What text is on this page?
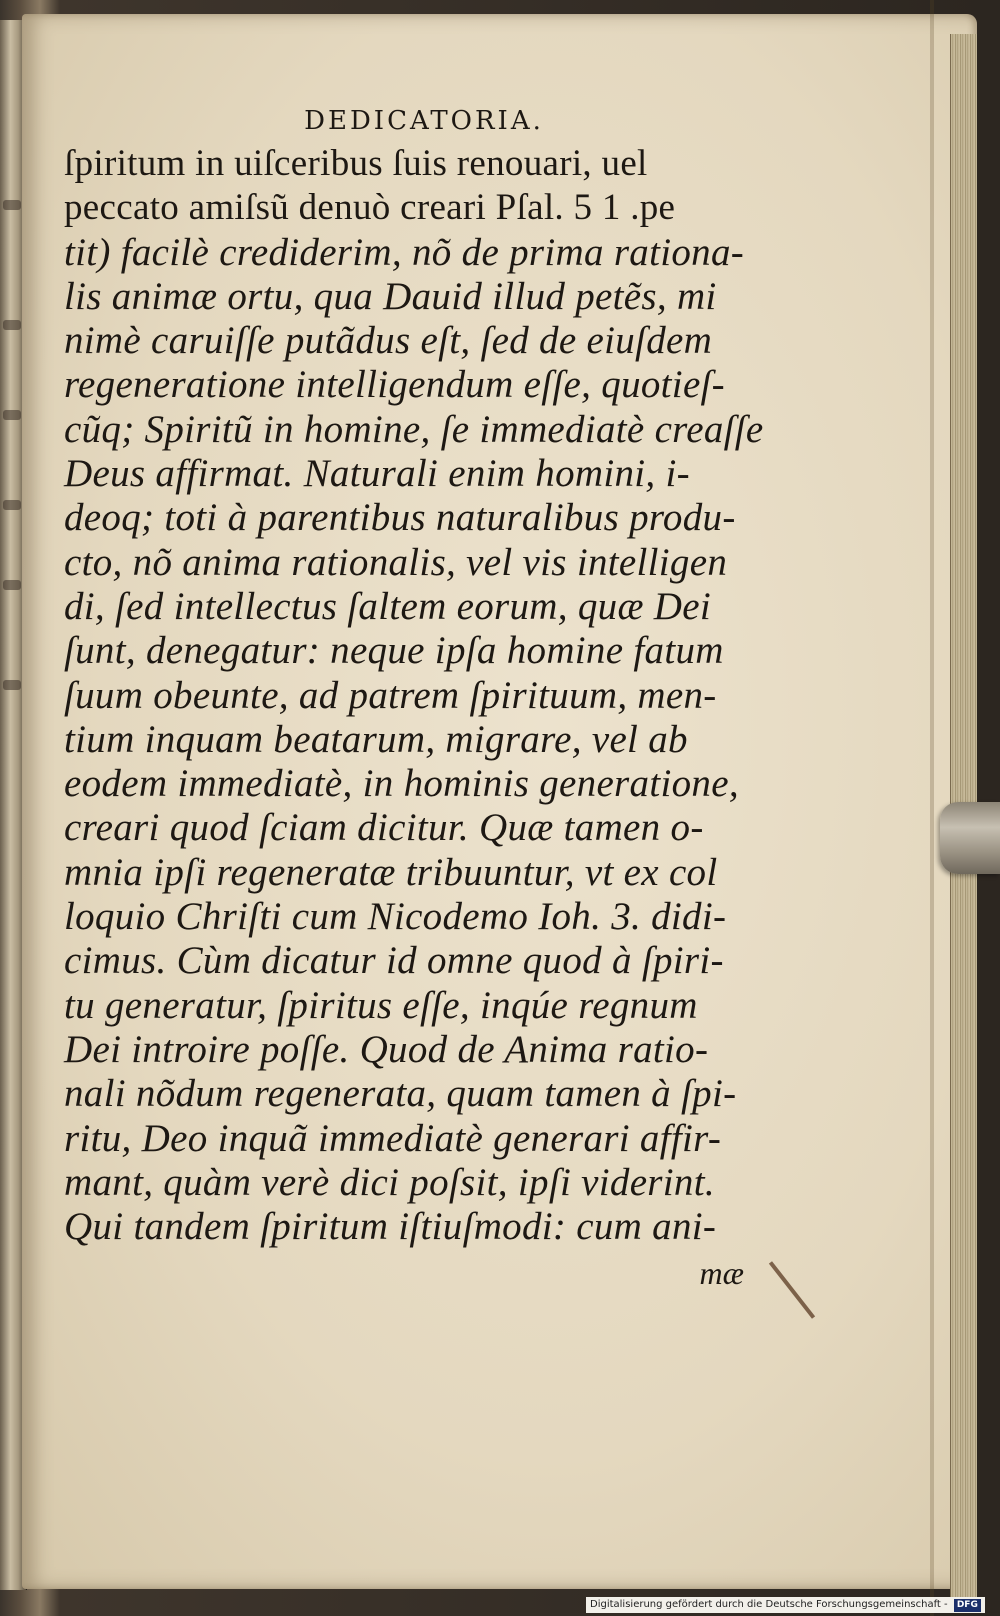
DEDICATORIA.
ſpiritum in uiſceribus ſuis renouari, uel
peccato amiſsũ denuò creari Pſal. 5 1 .pe
tit) facilè crediderim, nõ de prima rationa-
lis animæ ortu, qua Dauid illud petẽs, mi
nimè caruiſſe putãdus eſt, ſed de eiuſdem
regeneratione intelligendum eſſe, quotieſ-
cũq; Spiritũ in homine, ſe immediatè creaſſe
Deus affirmat. Naturali enim homini, i-
deoq; toti à parentibus naturalibus produ-
cto, nõ anima rationalis, vel vis intelligen
di, ſed intellectus ſaltem eorum, quæ Dei
ſunt, denegatur: neque ipſa homine fatum
ſuum obeunte, ad patrem ſpirituum, men-
tium inquam beatarum, migrare, vel ab
eodem immediatè, in hominis generatione,
creari quod ſciam dicitur. Quæ tamen o-
mnia ipſi regeneratæ tribuuntur, vt ex col
loquio Chriſti cum Nicodemo Ioh. 3. didi-
cimus. Cùm dicatur id omne quod à ſpiri-
tu generatur, ſpiritus eſſe, inqúe regnum
Dei introire poſſe. Quod de Anima ratio-
nali nõdum regenerata, quam tamen à ſpi-
ritu, Deo inquã immediatè generari affir-
mant, quàm verè dici poſsit, ipſi viderint.
Qui tandem ſpiritum iſtiuſmodi: cum ani-
mæ
Digitalisierung gefördert durch die Deutsche Forschungsgemeinschaft - DFG
